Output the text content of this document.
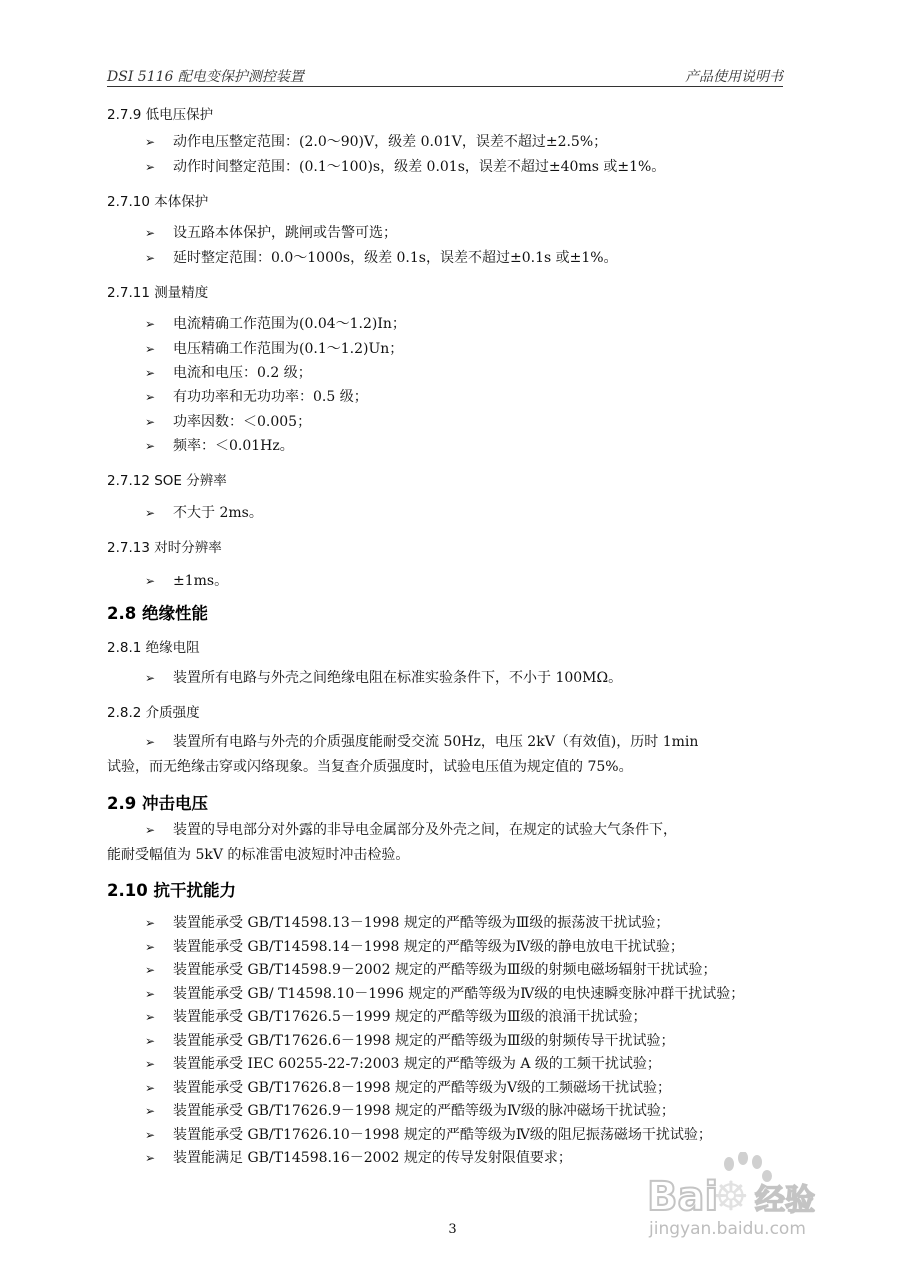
DSI 5116 配电变保护测控装置	产品使用说明书
2.7.9 低电压保护
➢ 动作电压整定范围：(2.0～90)V，级差 0.01V，误差不超过±2.5%；
➢ 动作时间整定范围：(0.1～100)s，级差 0.01s，误差不超过±40ms 或±1%。
2.7.10 本体保护
➢ 设五路本体保护，跳闸或告警可选；
➢ 延时整定范围：0.0～1000s，级差 0.1s，误差不超过±0.1s 或±1%。
2.7.11 测量精度
➢ 电流精确工作范围为(0.04～1.2)In；
➢ 电压精确工作范围为(0.1～1.2)Un；
➢ 电流和电压：0.2 级；
➢ 有功功率和无功功率：0.5 级；
➢ 功率因数：＜0.005；
➢ 频率：＜0.01Hz。
2.7.12 SOE 分辨率
➢ 不大于 2ms。
2.7.13 对时分辨率
➢ ±1ms。
2.8 绝缘性能
2.8.1 绝缘电阻
➢ 装置所有电路与外壳之间绝缘电阻在标准实验条件下，不小于 100MΩ。
2.8.2 介质强度
➢ 装置所有电路与外壳的介质强度能耐受交流 50Hz，电压 2kV（有效值)，历时 1min
试验，而无绝缘击穿或闪络现象。当复查介质强度时，试验电压值为规定值的 75%。
2.9 冲击电压
➢ 装置的导电部分对外露的非导电金属部分及外壳之间，在规定的试验大气条件下，
能耐受幅值为 5kV 的标准雷电波短时冲击检验。
2.10 抗干扰能力
➢ 装置能承受 GB/T14598.13－1998 规定的严酷等级为Ⅲ级的振荡波干扰试验；
➢ 装置能承受 GB/T14598.14－1998 规定的严酷等级为Ⅳ级的静电放电干扰试验；
➢ 装置能承受 GB/T14598.9－2002 规定的严酷等级为Ⅲ级的射频电磁场辐射干扰试验；
➢ 装置能承受 GB/ T14598.10－1996 规定的严酷等级为Ⅳ级的电快速瞬变脉冲群干扰试验；
➢ 装置能承受 GB/T17626.5－1999 规定的严酷等级为Ⅲ级的浪涌干扰试验；
➢ 装置能承受 GB/T17626.6－1998 规定的严酷等级为Ⅲ级的射频传导干扰试验；
➢ 装置能承受 IEC 60255-22-7:2003 规定的严酷等级为 A 级的工频干扰试验；
➢ 装置能承受 GB/T17626.8－1998 规定的严酷等级为Ⅴ级的工频磁场干扰试验；
➢ 装置能承受 GB/T17626.9－1998 规定的严酷等级为Ⅳ级的脉冲磁场干扰试验；
➢ 装置能承受 GB/T17626.10－1998 规定的严酷等级为Ⅳ级的阻尼振荡磁场干扰试验；
➢ 装置能满足 GB/T14598.16－2002 规定的传导发射限值要求；
3
Bai
☸ 经验
jingyan.baidu.com
